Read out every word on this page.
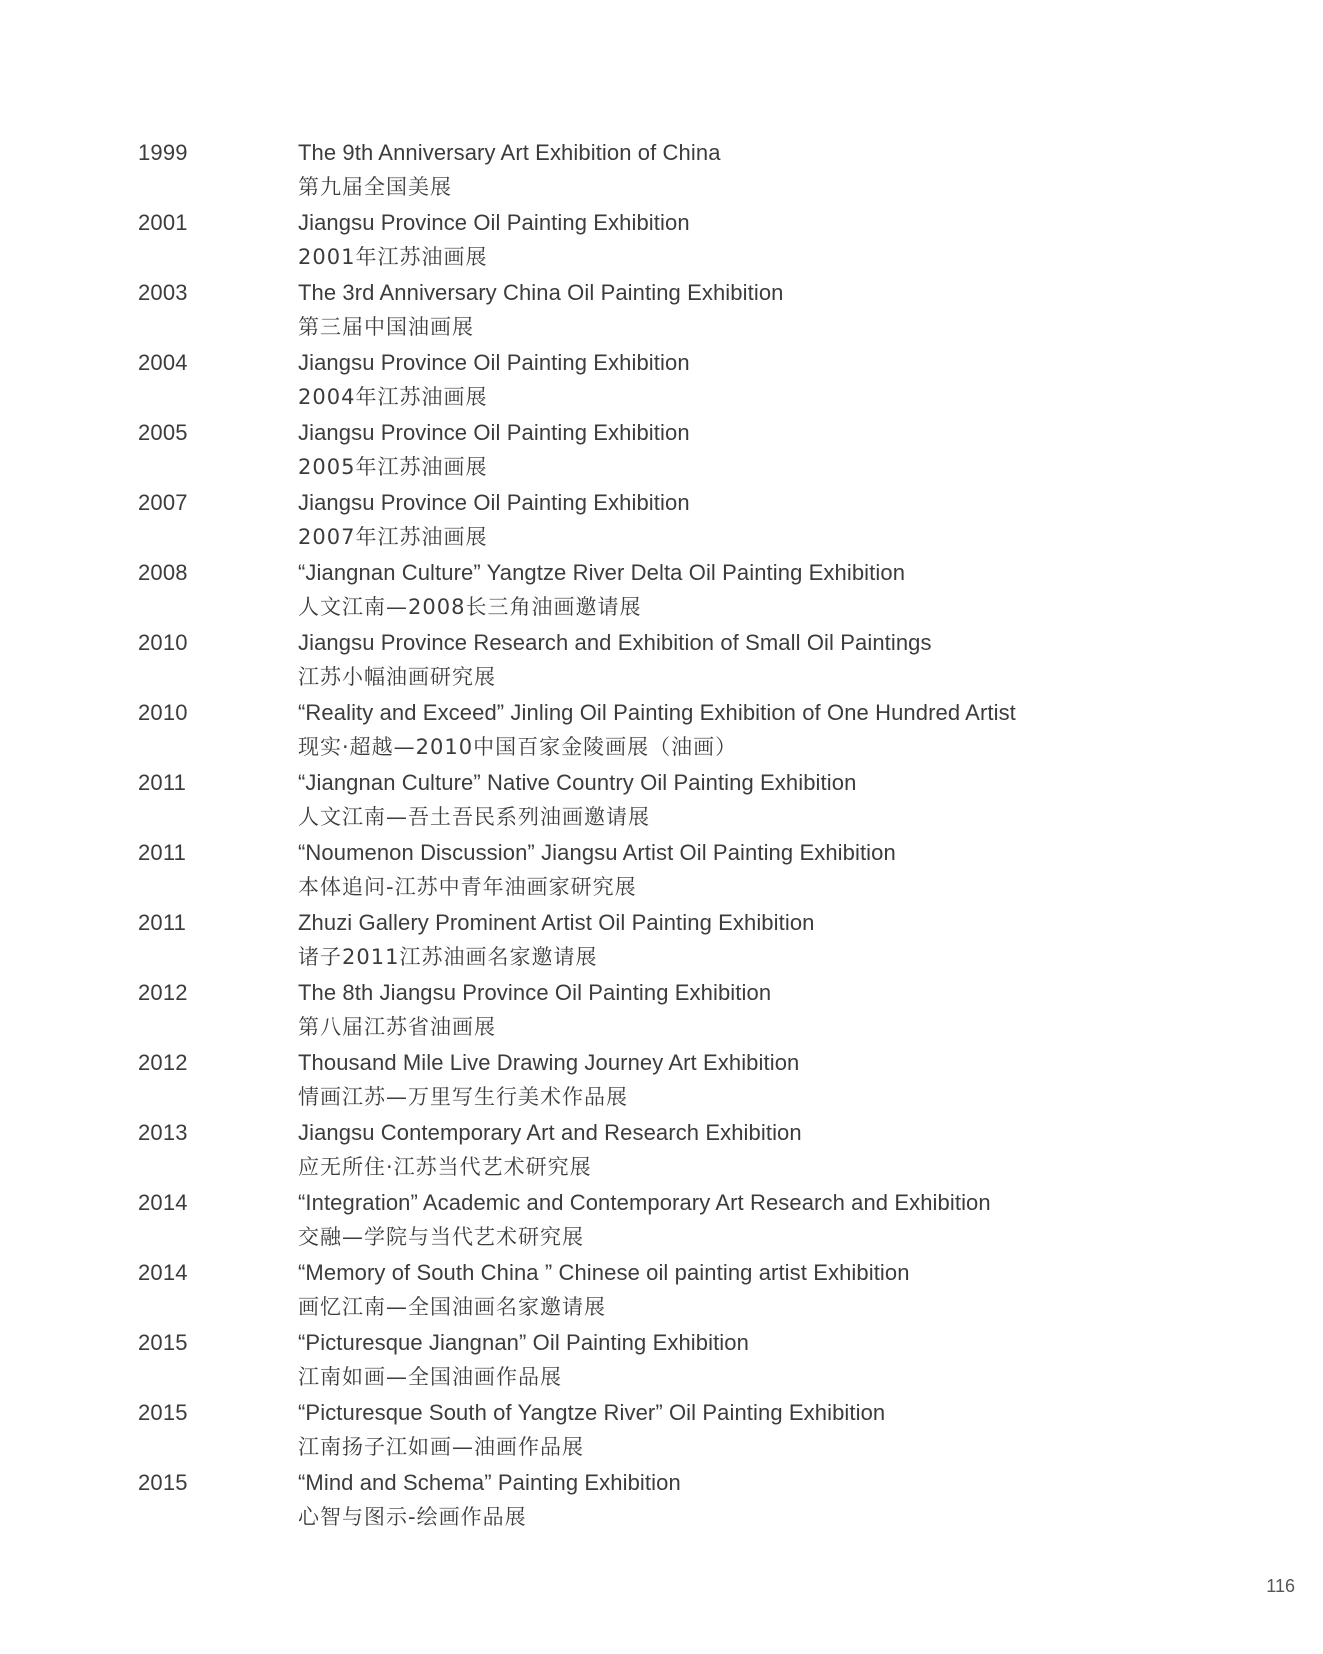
1999	The 9th Anniversary Art Exhibition of China
第九届全国美展
2001	Jiangsu Province Oil Painting Exhibition
2001年江苏油画展
2003	The 3rd Anniversary China Oil Painting Exhibition
第三届中国油画展
2004	Jiangsu Province Oil Painting Exhibition
2004年江苏油画展
2005	Jiangsu Province Oil Painting Exhibition
2005年江苏油画展
2007	Jiangsu Province Oil Painting Exhibition
2007年江苏油画展
2008	“Jiangnan Culture” Yangtze River Delta Oil Painting Exhibition
人文江南—2008长三角油画邀请展
2010	Jiangsu Province Research and Exhibition of Small Oil Paintings
江苏小幅油画研究展
2010	“Reality and Exceed” Jinling Oil Painting Exhibition of One Hundred Artist
现实·超越—2010中国百家金陵画展（油画）
2011	“Jiangnan Culture” Native Country Oil Painting Exhibition
人文江南—吾土吾民系列油画邀请展
2011	“Noumenon Discussion” Jiangsu Artist Oil Painting Exhibition
本体追问-江苏中青年油画家研究展
2011	Zhuzi Gallery Prominent Artist Oil Painting Exhibition
诸子2011江苏油画名家邀请展
2012	The 8th Jiangsu Province Oil Painting Exhibition
第八届江苏省油画展
2012	Thousand Mile Live Drawing Journey Art Exhibition
情画江苏—万里写生行美术作品展
2013	Jiangsu Contemporary Art and Research Exhibition
应无所住·江苏当代艺术研究展
2014	“Integration” Academic and Contemporary Art Research and Exhibition
交融—学院与当代艺术研究展
2014	“Memory of South China ” Chinese oil painting artist Exhibition
画忆江南—全国油画名家邀请展
2015	“Picturesque Jiangnan” Oil Painting Exhibition
江南如画—全国油画作品展
2015	“Picturesque South of Yangtze River” Oil Painting Exhibition
江南扬子江如画—油画作品展
2015	“Mind and Schema” Painting Exhibition
心智与图示-绘画作品展
116
